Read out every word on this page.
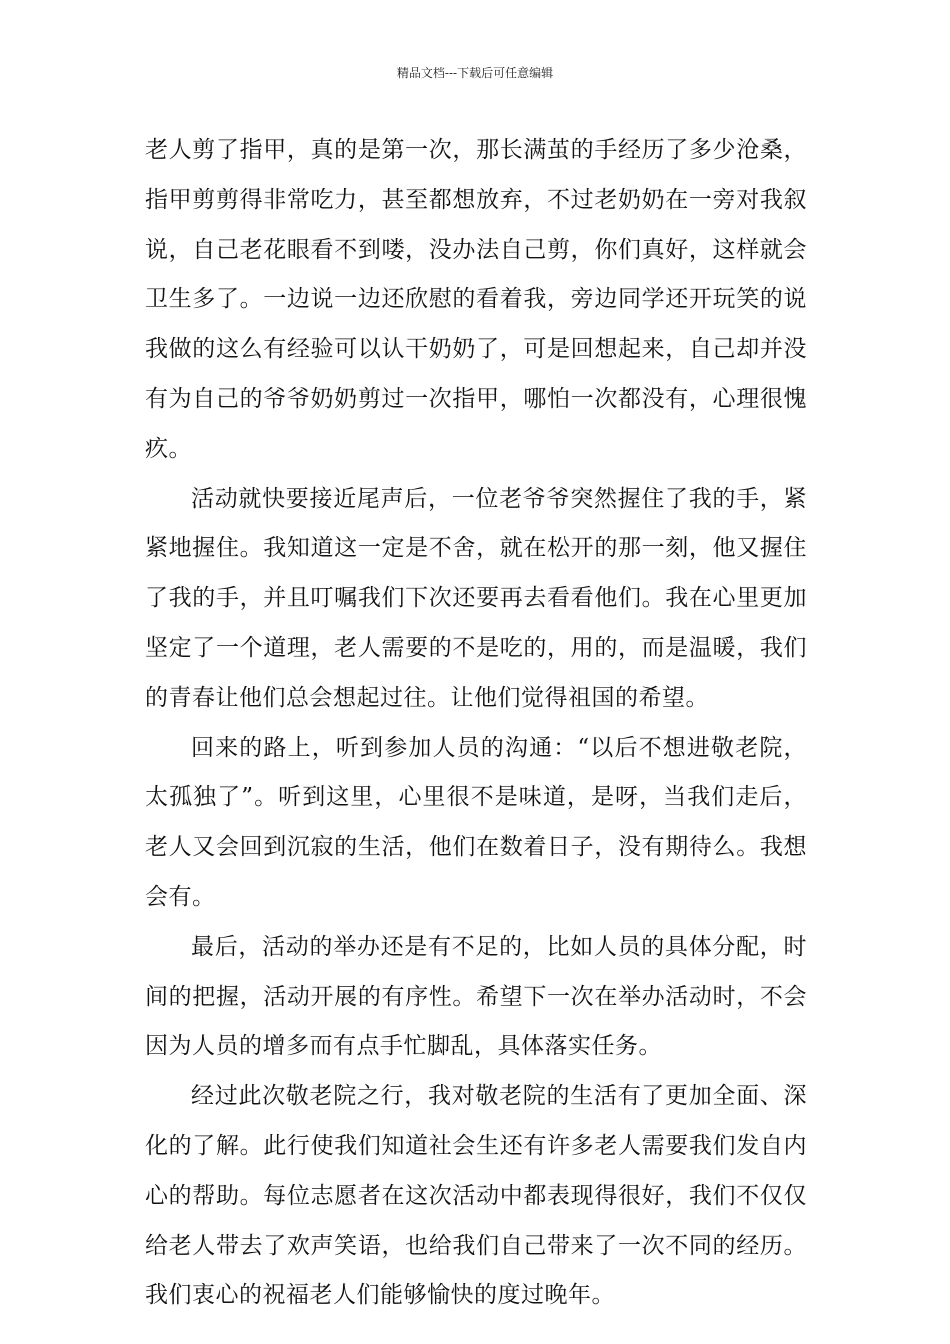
精品文档---下载后可任意编辑

老人剪了指甲，真的是第一次，那长满茧的手经历了多少沧桑，指甲剪剪得非常吃力，甚至都想放弃，不过老奶奶在一旁对我叙说，自己老花眼看不到喽，没办法自己剪，你们真好，这样就会卫生多了。一边说一边还欣慰的看着我，旁边同学还开玩笑的说我做的这么有经验可以认干奶奶了，可是回想起来，自己却并没有为自己的爷爷奶奶剪过一次指甲，哪怕一次都没有，心理很愧疚。

活动就快要接近尾声后，一位老爷爷突然握住了我的手，紧紧地握住。我知道这一定是不舍，就在松开的那一刻，他又握住了我的手，并且叮嘱我们下次还要再去看看他们。我在心里更加坚定了一个道理，老人需要的不是吃的，用的，而是温暖，我们的青春让他们总会想起过往。让他们觉得祖国的希望。

回来的路上，听到参加人员的沟通：“以后不想进敬老院，太孤独了”。听到这里，心里很不是味道，是呀，当我们走后，老人又会回到沉寂的生活，他们在数着日子，没有期待么。我想会有。

最后，活动的举办还是有不足的，比如人员的具体分配，时间的把握，活动开展的有序性。希望下一次在举办活动时，不会因为人员的增多而有点手忙脚乱，具体落实任务。

经过此次敬老院之行，我对敬老院的生活有了更加全面、深化的了解。此行使我们知道社会生还有许多老人需要我们发自内心的帮助。每位志愿者在这次活动中都表现得很好，我们不仅仅给老人带去了欢声笑语，也给我们自己带来了一次不同的经历。我们衷心的祝福老人们能够愉快的度过晚年。
